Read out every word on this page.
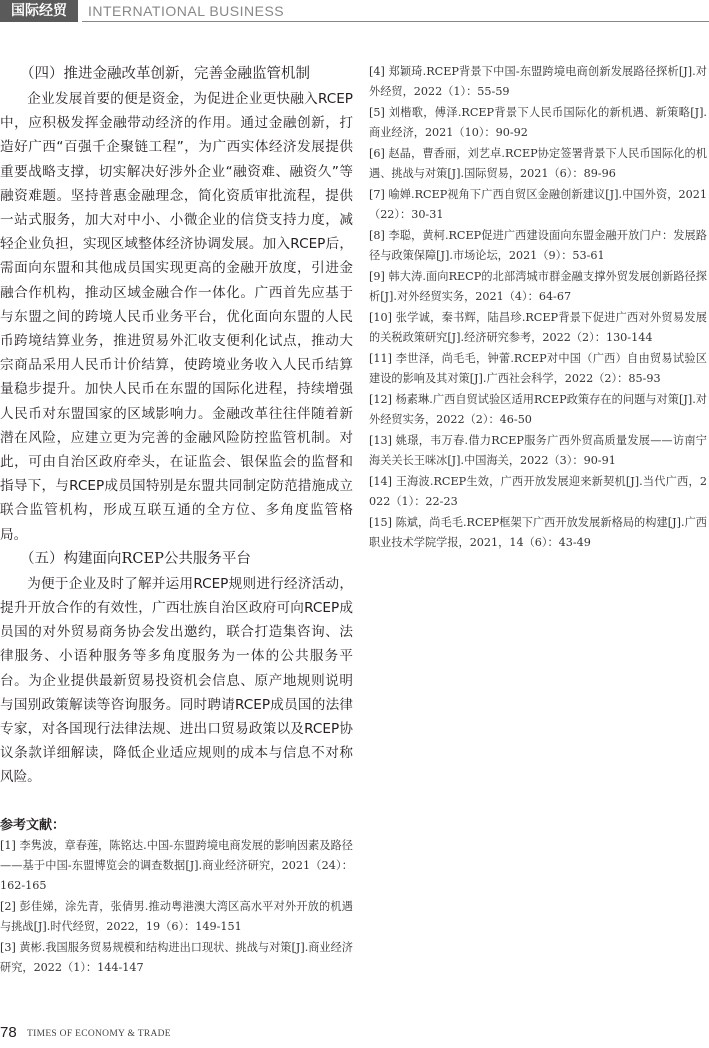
国际经贸	INTERNATIONAL BUSINESS

（四）推进金融改革创新，完善金融监管机制

企业发展首要的便是资金，为促进企业更快融入RCEP中，应积极发挥金融带动经济的作用。通过金融创新，打造好广西“百强千企聚链工程”，为广西实体经济发展提供重要战略支撑，切实解决好涉外企业“融资难、融资久”等融资难题。坚持普惠金融理念，简化资质审批流程，提供一站式服务，加大对中小、小微企业的信贷支持力度，减轻企业负担，实现区域整体经济协调发展。加入RCEP后，需面向东盟和其他成员国实现更高的金融开放度，引进金融合作机构，推动区域金融合作一体化。广西首先应基于与东盟之间的跨境人民币业务平台，优化面向东盟的人民币跨境结算业务，推进贸易外汇收支便利化试点，推动大宗商品采用人民币计价结算，使跨境业务收入人民币结算量稳步提升。加快人民币在东盟的国际化进程，持续增强人民币对东盟国家的区域影响力。金融改革往往伴随着新潜在风险，应建立更为完善的金融风险防控监管机制。对此，可由自治区政府牵头，在证监会、银保监会的监督和指导下，与RCEP成员国特别是东盟共同制定防范措施成立联合监管机构，形成互联互通的全方位、多角度监管格局。

（五）构建面向RCEP公共服务平台

为便于企业及时了解并运用RCEP规则进行经济活动，提升开放合作的有效性，广西壮族自治区政府可向RCEP成员国的对外贸易商务协会发出邀约，联合打造集咨询、法律服务、小语种服务等多角度服务为一体的公共服务平台。为企业提供最新贸易投资机会信息、原产地规则说明与国别政策解读等咨询服务。同时聘请RCEP成员国的法律专家，对各国现行法律法规、进出口贸易政策以及RCEP协议条款详细解读，降低企业适应规则的成本与信息不对称风险。

参考文献：

[1] 李隽波，章春莲，陈铭达.中国-东盟跨境电商发展的影响因素及路径——基于中国-东盟博览会的调查数据[J].商业经济研究，2021（24）：162-165

[2] 彭佳娣，涂先青，张倩男.推动粤港澳大湾区高水平对外开放的机遇与挑战[J].时代经贸，2022，19（6）：149-151

[3] 黄彬.我国服务贸易规模和结构进出口现状、挑战与对策[J].商业经济研究，2022（1）：144-147

[4] 郑颖琦.RCEP背景下中国-东盟跨境电商创新发展路径探析[J].对外经贸，2022（1）：55-59

[5] 刘楷歌，傅泽.RCEP背景下人民币国际化的新机遇、新策略[J].商业经济，2021（10）：90-92

[6] 赵晶，曹香丽，刘艺卓.RCEP协定签署背景下人民币国际化的机遇、挑战与对策[J].国际贸易，2021（6）：89-96

[7] 喻婵.RCEP视角下广西自贸区金融创新建议[J].中国外资，2021（22）：30-31

[8] 李聪，黄柯.RCEP促进广西建设面向东盟金融开放门户：发展路径与政策保障[J].市场论坛，2021（9）：53-61

[9] 韩大涛.面向RECP的北部湾城市群金融支撑外贸发展创新路径探析[J].对外经贸实务，2021（4）：64-67

[10] 张学诚，秦书辉，陆昌珍.RCEP背景下促进广西对外贸易发展的关税政策研究[J].经济研究参考，2022（2）：130-144

[11] 李世泽，尚毛毛，钟蕾.RCEP对中国（广西）自由贸易试验区建设的影响及其对策[J].广西社会科学，2022（2）：85-93

[12] 杨素琳.广西自贸试验区适用RCEP政策存在的问题与对策[J].对外经贸实务，2022（2）：46-50

[13] 姚璟，韦万春.借力RCEP服务广西外贸高质量发展——访南宁海关关长王咪冰[J].中国海关，2022（3）：90-91

[14] 王海波.RCEP生效，广西开放发展迎来新契机[J].当代广西，2022（1）：22-23

[15] 陈斌，尚毛毛.RCEP框架下广西开放发展新格局的构建[J].广西职业技术学院学报，2021，14（6）：43-49

78 TIMES OF ECONOMY & TRADE
